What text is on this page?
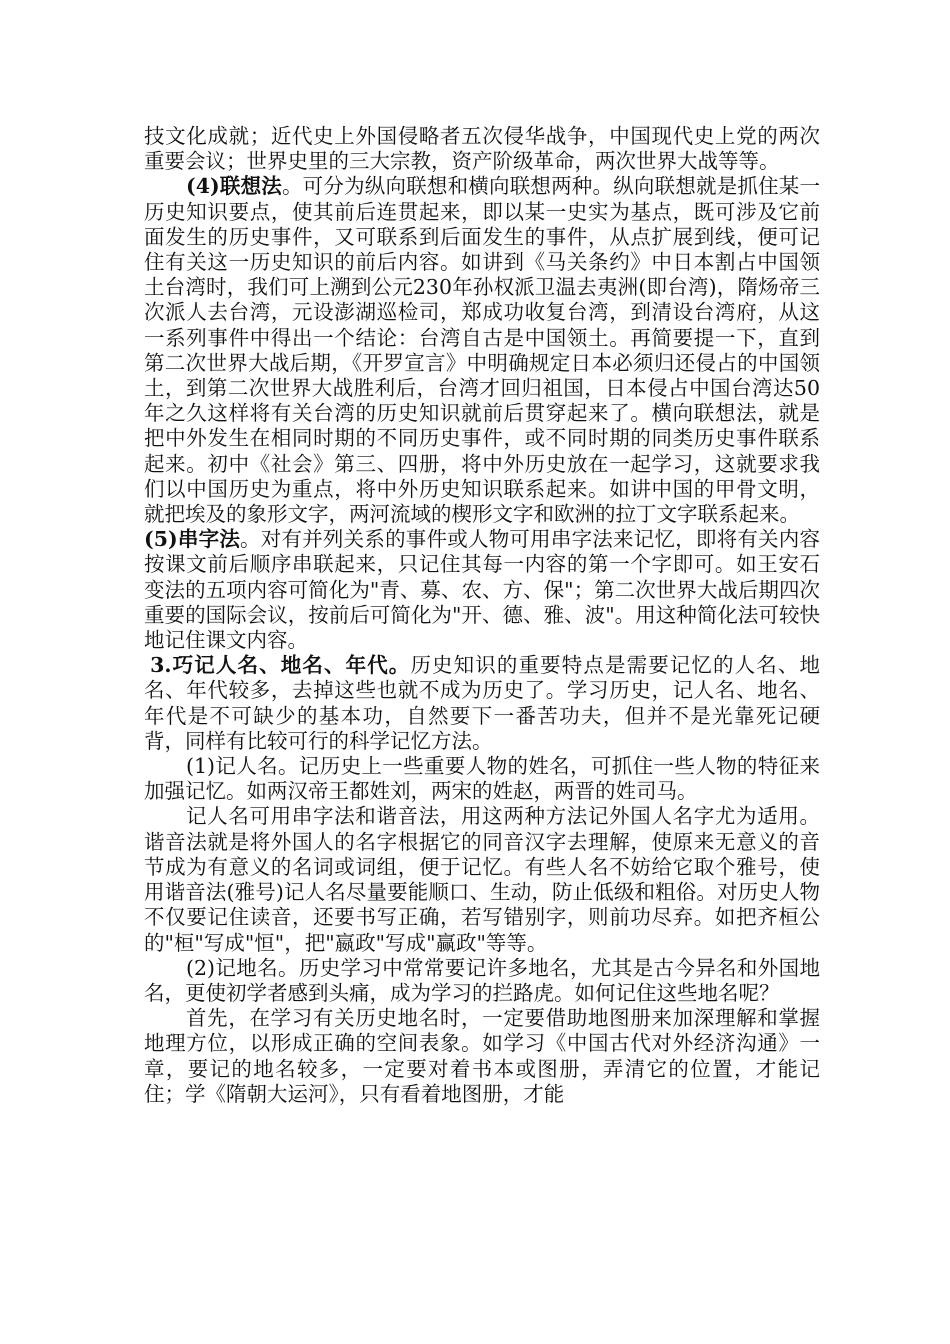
技文化成就；近代史上外国侵略者五次侵华战争，中国现代史上党的两次重要会议；世界史里的三大宗教，资产阶级革命，两次世界大战等等。

(4)联想法。可分为纵向联想和横向联想两种。纵向联想就是抓住某一历史知识要点，使其前后连贯起来，即以某一史实为基点，既可涉及它前面发生的历史事件，又可联系到后面发生的事件，从点扩展到线，便可记住有关这一历史知识的前后内容。如讲到《马关条约》中日本割占中国领土台湾时，我们可上溯到公元230年孙权派卫温去夷洲(即台湾)，隋炀帝三次派人去台湾，元设澎湖巡检司，郑成功收复台湾，到清设台湾府，从这一系列事件中得出一个结论：台湾自古是中国领土。再简要提一下，直到第二次世界大战后期，《开罗宣言》中明确规定日本必须归还侵占的中国领土，到第二次世界大战胜利后，台湾才回归祖国，日本侵占中国台湾达50年之久这样将有关台湾的历史知识就前后贯穿起来了。横向联想法，就是把中外发生在相同时期的不同历史事件，或不同时期的同类历史事件联系起来。初中《社会》第三、四册，将中外历史放在一起学习，这就要求我们以中国历史为重点，将中外历史知识联系起来。如讲中国的甲骨文明，就把埃及的象形文字，两河流域的楔形文字和欧洲的拉丁文字联系起来。

(5)串字法。对有并列关系的事件或人物可用串字法来记忆，即将有关内容按课文前后顺序串联起来，只记住其每一内容的第一个字即可。如王安石变法的五项内容可简化为"青、募、农、方、保"；第二次世界大战后期四次重要的国际会议，按前后可简化为"开、德、雅、波"。用这种简化法可较快地记住课文内容。

3.巧记人名、地名、年代。历史知识的重要特点是需要记忆的人名、地名、年代较多，去掉这些也就不成为历史了。学习历史，记人名、地名、年代是不可缺少的基本功，自然要下一番苦功夫，但并不是光靠死记硬背，同样有比较可行的科学记忆方法。

(1)记人名。记历史上一些重要人物的姓名，可抓住一些人物的特征来加强记忆。如两汉帝王都姓刘，两宋的姓赵，两晋的姓司马。

记人名可用串字法和谐音法，用这两种方法记外国人名字尤为适用。谐音法就是将外国人的名字根据它的同音汉字去理解，使原来无意义的音节成为有意义的名词或词组，便于记忆。有些人名不妨给它取个雅号，使用谐音法(雅号)记人名尽量要能顺口、生动，防止低级和粗俗。对历史人物不仅要记住读音，还要书写正确，若写错别字，则前功尽弃。如把齐桓公的"桓"写成"恒"，把"嬴政"写成"赢政"等等。

(2)记地名。历史学习中常常要记许多地名，尤其是古今异名和外国地名，更使初学者感到头痛，成为学习的拦路虎。如何记住这些地名呢？

首先，在学习有关历史地名时，一定要借助地图册来加深理解和掌握地理方位，以形成正确的空间表象。如学习《中国古代对外经济沟通》一章，要记的地名较多，一定要对着书本或图册，弄清它的位置，才能记住；学《隋朝大运河》，只有看着地图册，才能
